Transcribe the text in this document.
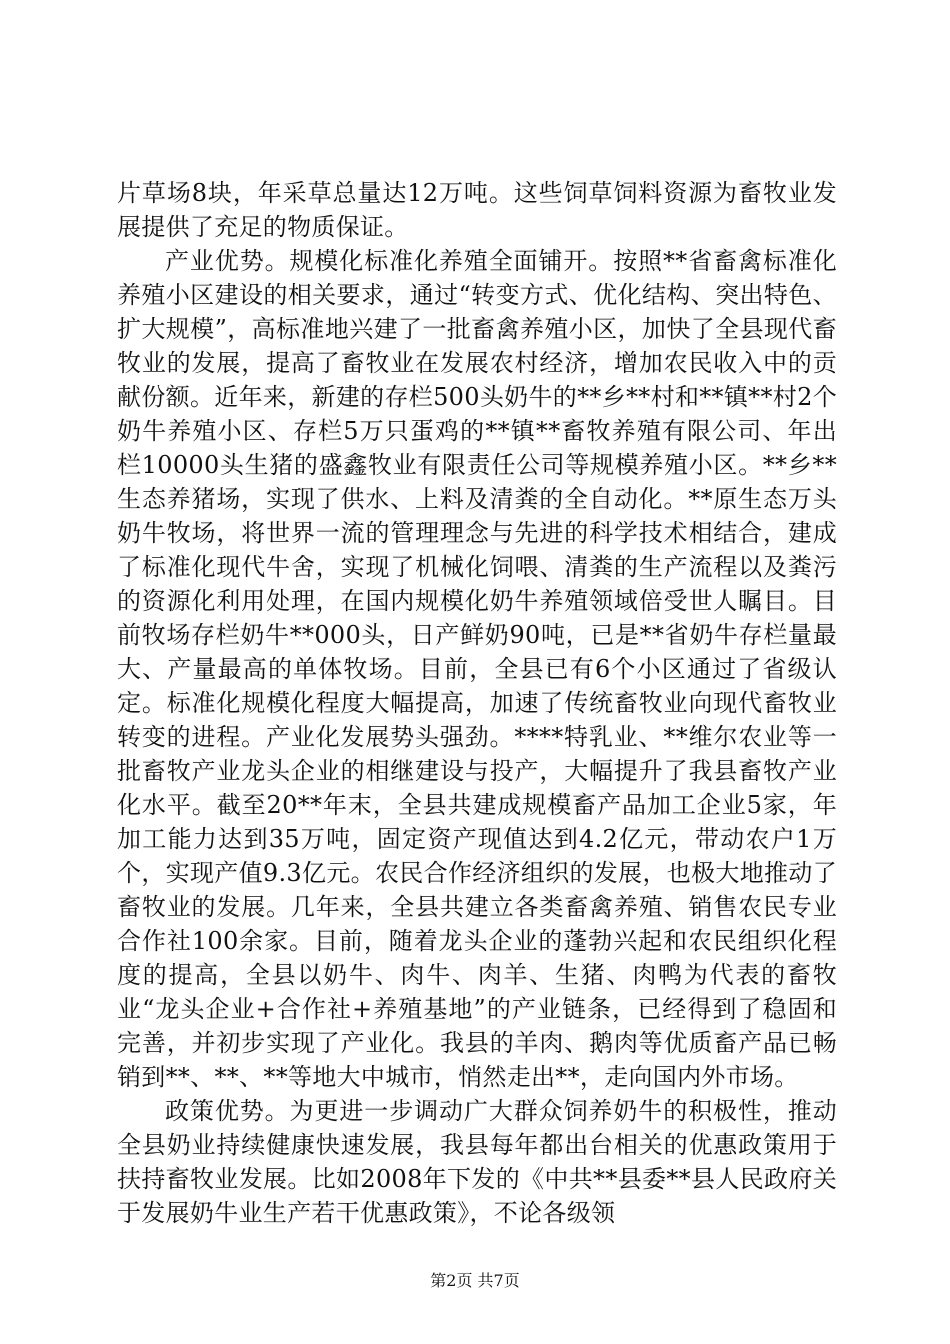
片草场8块，年采草总量达12万吨。这些饲草饲料资源为畜牧业发展提供了充足的物质保证。

产业优势。规模化标准化养殖全面铺开。按照**省畜禽标准化养殖小区建设的相关要求，通过“转变方式、优化结构、突出特色、扩大规模”，高标准地兴建了一批畜禽养殖小区，加快了全县现代畜牧业的发展，提高了畜牧业在发展农村经济，增加农民收入中的贡献份额。近年来，新建的存栏500头奶牛的**乡**村和**镇**村2个奶牛养殖小区、存栏5万只蛋鸡的**镇**畜牧养殖有限公司、年出栏10000头生猪的盛鑫牧业有限责任公司等规模养殖小区。**乡**生态养猪场，实现了供水、上料及清粪的全自动化。**原生态万头奶牛牧场，将世界一流的管理理念与先进的科学技术相结合，建成了标准化现代牛舍，实现了机械化饲喂、清粪的生产流程以及粪污的资源化利用处理，在国内规模化奶牛养殖领域倍受世人瞩目。目前牧场存栏奶牛**000头，日产鲜奶90吨，已是**省奶牛存栏量最大、产量最高的单体牧场。目前，全县已有6个小区通过了省级认定。标准化规模化程度大幅提高，加速了传统畜牧业向现代畜牧业转变的进程。产业化发展势头强劲。****特乳业、**维尔农业等一批畜牧产业龙头企业的相继建设与投产，大幅提升了我县畜牧产业化水平。截至20**年末，全县共建成规模畜产品加工企业5家，年加工能力达到35万吨，固定资产现值达到4.2亿元，带动农户1万个，实现产值9.3亿元。农民合作经济组织的发展，也极大地推动了畜牧业的发展。几年来，全县共建立各类畜禽养殖、销售农民专业合作社100余家。目前，随着龙头企业的蓬勃兴起和农民组织化程度的提高，全县以奶牛、肉牛、肉羊、生猪、肉鸭为代表的畜牧业“龙头企业+合作社+养殖基地”的产业链条，已经得到了稳固和完善，并初步实现了产业化。我县的羊肉、鹅肉等优质畜产品已畅销到**、**、**等地大中城市，悄然走出**，走向国内外市场。

政策优势。为更进一步调动广大群众饲养奶牛的积极性，推动全县奶业持续健康快速发展，我县每年都出台相关的优惠政策用于扶持畜牧业发展。比如2008年下发的《中共**县委**县人民政府关于发展奶牛业生产若干优惠政策》，不论各级领

第2页 共7页
